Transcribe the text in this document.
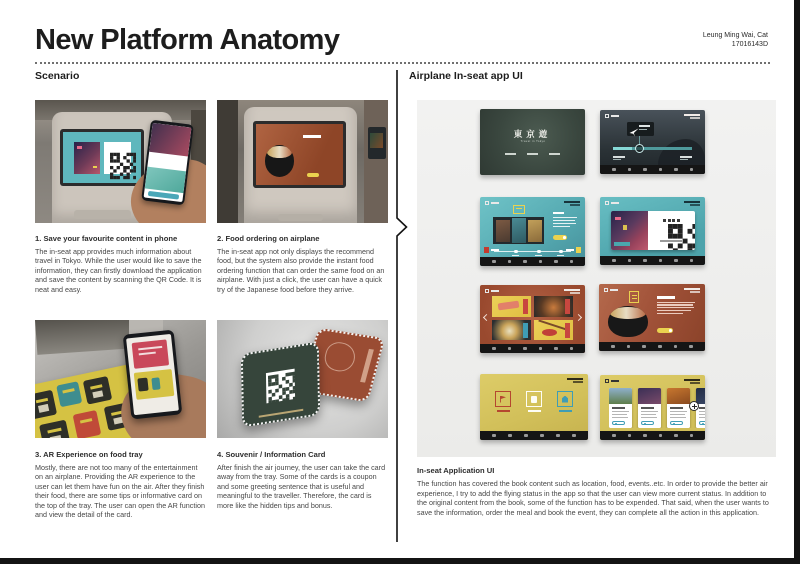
New Platform Anatomy	Leung Ming Wai, Cat
17016143D
Scenario	Airplane In-seat app UI
1. Save your favourite content in phone	2. Food ordering on airplane
The in-seat app provides much information about travel in Tokyo. While the user would like to save the information, they can firstly download the application and save the content by scanning the QR Code. It is neat and easy.
The in-seat app not only displays the recommend food, but the system also provide the instant food ordering function that can order the same food on an airplane. With just a click, the user can have a quick try of the Japanese food before they arrive.
3. AR Experience on food tray	4. Souvenir / Information Card
Mostly, there are not too many of the entertainment on an airplane. Providing the AR experience to the user can let them have fun on the air. After they finish their food, there are some tips or informative card on the top of the tray. The user can open the AR function and view the detail of the card.
After finish the air journey, the user can take the card away from the tray. Some of the cards is a coupon and some greeting sentence that is useful and meaningful to the traveller. Therefore, the card is more like the hidden tips and bonus.
東京遊
Travel in Tokyo
In-seat Application UI
The function has covered the book content such as location, food, events..etc. In order to provide the better air experience, I try to add the flying status in the app so that the user can view more current status. In addition to the original content from the book, some of the function has to be expended. That said, when the user wants to save the information, order the meal and book the event, they can complete all the action in this application.
